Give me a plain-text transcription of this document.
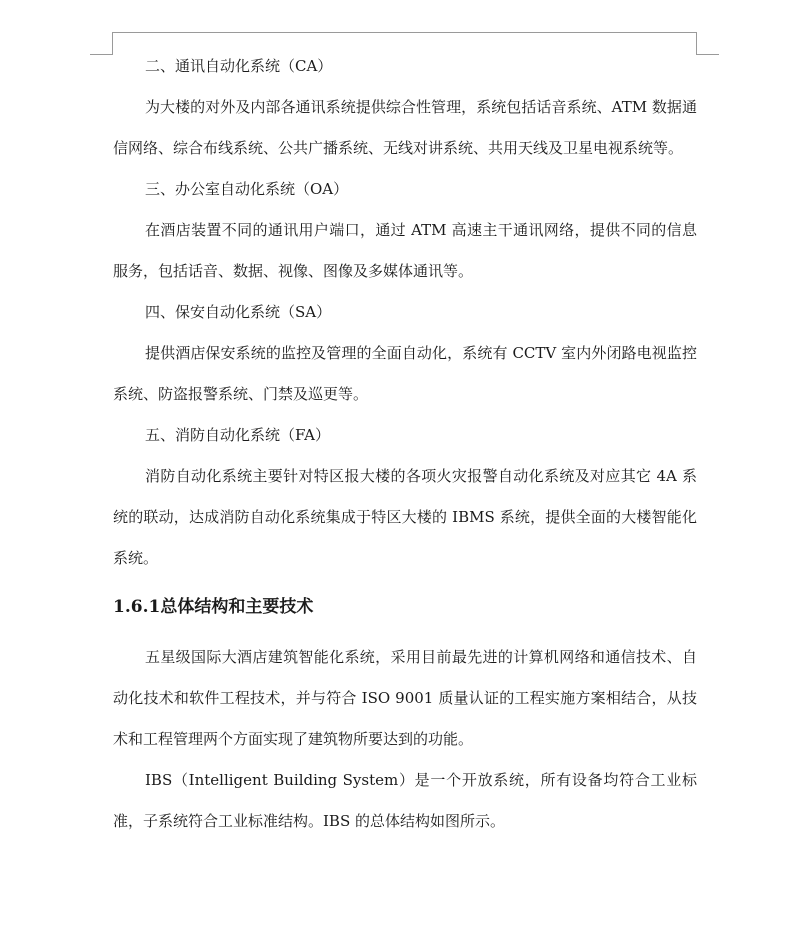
二、通讯自动化系统（CA）

为大楼的对外及内部各通讯系统提供综合性管理，系统包括话音系统、ATM 数据通信网络、综合布线系统、公共广播系统、无线对讲系统、共用天线及卫星电视系统等。

三、办公室自动化系统（OA）

在酒店装置不同的通讯用户端口，通过 ATM 高速主干通讯网络，提供不同的信息服务，包括话音、数据、视像、图像及多媒体通讯等。

四、保安自动化系统（SA）

提供酒店保安系统的监控及管理的全面自动化，系统有 CCTV 室内外闭路电视监控系统、防盗报警系统、门禁及巡更等。

五、消防自动化系统（FA）

消防自动化系统主要针对特区报大楼的各项火灾报警自动化系统及对应其它 4A 系统的联动，达成消防自动化系统集成于特区大楼的 IBMS 系统，提供全面的大楼智能化系统。

1.6.1总体结构和主要技术

五星级国际大酒店建筑智能化系统，采用目前最先进的计算机网络和通信技术、自动化技术和软件工程技术，并与符合 ISO 9001 质量认证的工程实施方案相结合，从技术和工程管理两个方面实现了建筑物所要达到的功能。

IBS（Intelligent Building System）是一个开放系统，所有设备均符合工业标准，子系统符合工业标准结构。IBS 的总体结构如图所示。
